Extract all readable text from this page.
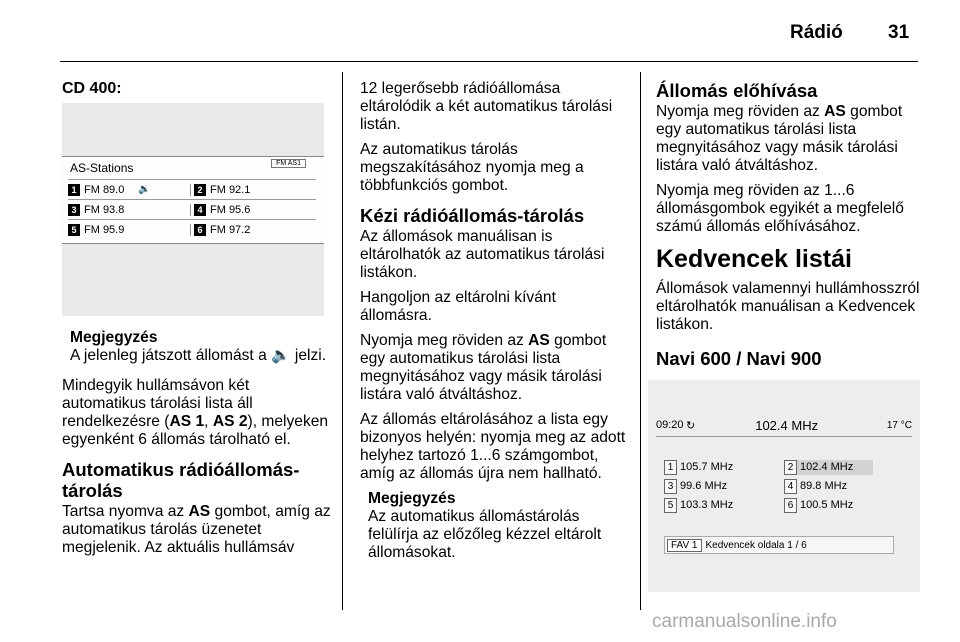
Rádió 31

CD 400:

AS-Stations	FM AS1
1 FM 89.0 🔉	2 FM 92.1
3 FM 93.8	4 FM 95.6
5 FM 95.9	6 FM 97.2
Megjegyzés
A jelenleg játszott állomást a 🔈 jelzi.

Mindegyik hullámsávon két automatikus tárolási lista áll rendelkezésre (AS 1, AS 2), melyeken egyenként 6 állomás tárolható el.

Automatikus rádióállomás-tárolás

Tartsa nyomva az AS gombot, amíg az automatikus tárolás üzenetet megjelenik. Az aktuális hullámsáv

12 legerősebb rádióállomása eltárolódik a két automatikus tárolási listán.

Az automatikus tárolás megszakításához nyomja meg a többfunkciós gombot.

Kézi rádióállomás-tárolás

Az állomások manuálisan is eltárolhatók az automatikus tárolási listákon.

Hangoljon az eltárolni kívánt állomásra.

Nyomja meg röviden az AS gombot egy automatikus tárolási lista megnyitásához vagy másik tárolási listára való átváltáshoz.

Az állomás eltárolásához a lista egy bizonyos helyén: nyomja meg az adott helyhez tartozó 1...6 számgombot, amíg az állomás újra nem hallható.

Megjegyzés
Az automatikus állomástárolás felülírja az előzőleg kézzel eltárolt állomásokat.
Állomás előhívása

Nyomja meg röviden az AS gombot egy automatikus tárolási lista megnyitásához vagy másik tárolási listára való átváltáshoz.

Nyomja meg röviden az 1...6 állomásgombok egyikét a megfelelő számú állomás előhívásához.

Kedvencek listái

Állomások valamennyi hullámhosszról eltárolhatók manuálisan a Kedvencek listákon.

Navi 600 / Navi 900
09:20 ↻	102.4 MHz	17 °C
1 105.7 MHz	2 102.4 MHz
3 99.6 MHz	4 89.8 MHz
5 103.3 MHz	6 100.5 MHz
FAV 1 Kedvencek oldala 1 / 6
carmanualsonline.info
